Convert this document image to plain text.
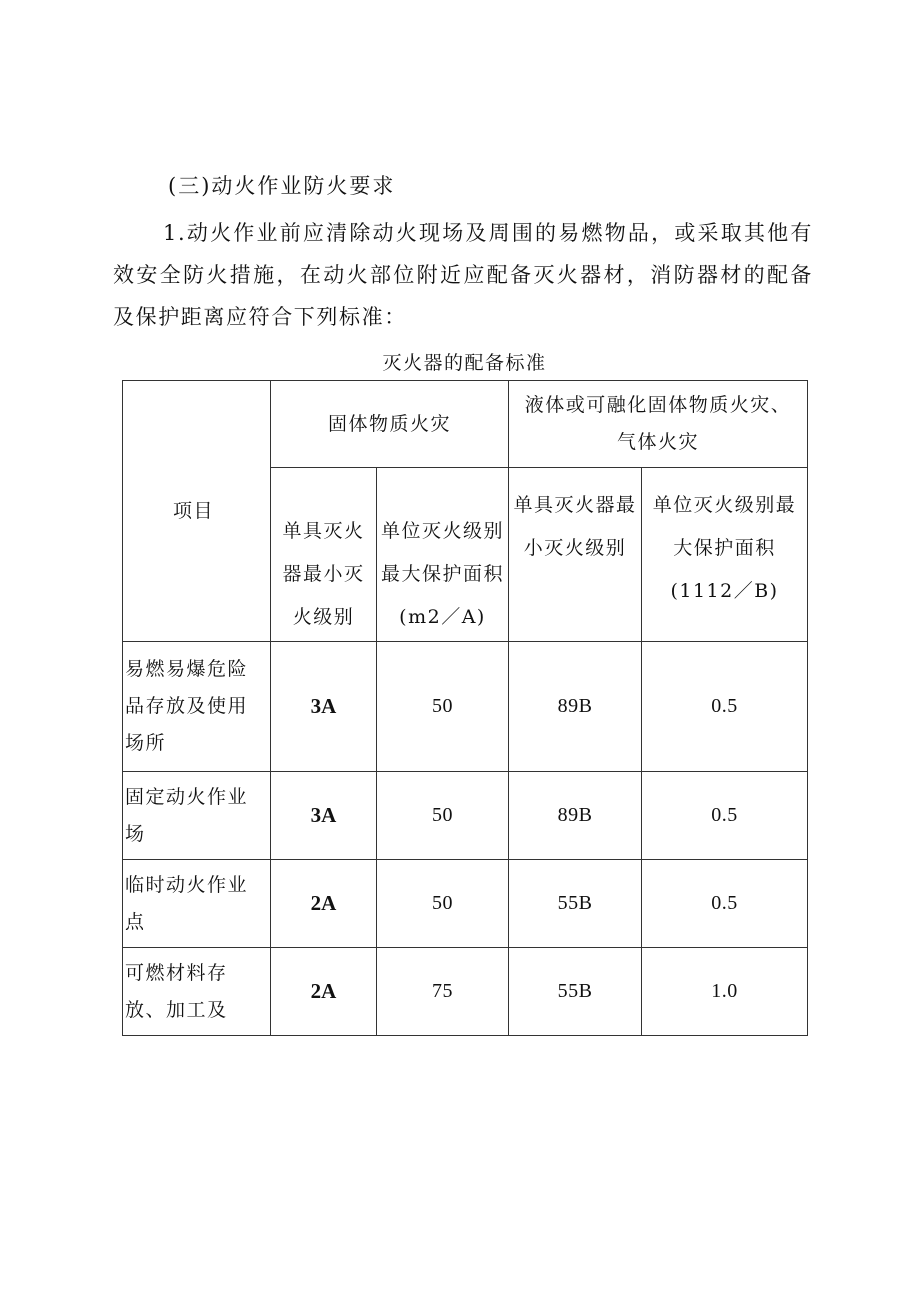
(三)动火作业防火要求

1.动火作业前应清除动火现场及周围的易燃物品，或采取其他有效安全防火措施，在动火部位附近应配备灭火器材，消防器材的配备及保护距离应符合下列标准：

灭火器的配备标准

项目	固体物质火灾		液体或可融化固体物质火灾、气体火灾	
	单具灭火器最小灭火级别	单位灭火级别最大保护面积(m2／A)	单具灭火器最小灭火级别	单位灭火级别最大保护面积(1112／B)
易燃易爆危险品存放及使用场所	3A	50	89B	0.5
固定动火作业场	3A	50	89B	0.5
临时动火作业点	2A	50	55B	0.5
可燃材料存放、加工及	2A	75	55B	1.0
